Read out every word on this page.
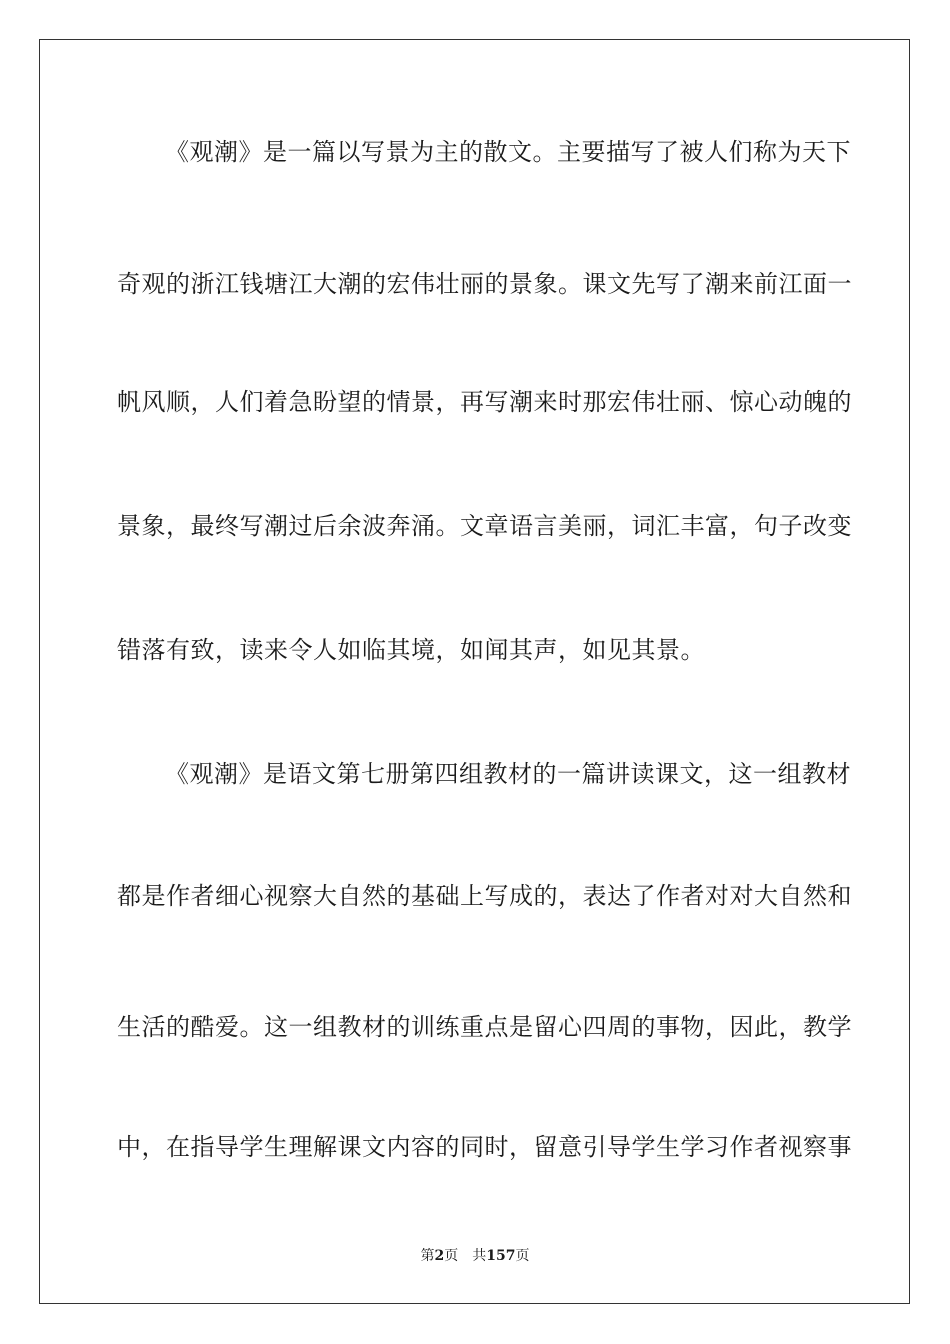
《观潮》是一篇以写景为主的散文。主要描写了被人们称为天下
奇观的浙江钱塘江大潮的宏伟壮丽的景象。课文先写了潮来前江面一
帆风顺，人们着急盼望的情景，再写潮来时那宏伟壮丽、惊心动魄的
景象，最终写潮过后余波奔涌。文章语言美丽，词汇丰富，句子改变
错落有致，读来令人如临其境，如闻其声，如见其景。
《观潮》是语文第七册第四组教材的一篇讲读课文，这一组教材
都是作者细心视察大自然的基础上写成的，表达了作者对对大自然和
生活的酷爱。这一组教材的训练重点是留心四周的事物，因此，教学
中，在指导学生理解课文内容的同时，留意引导学生学习作者视察事
第2页 共157页
